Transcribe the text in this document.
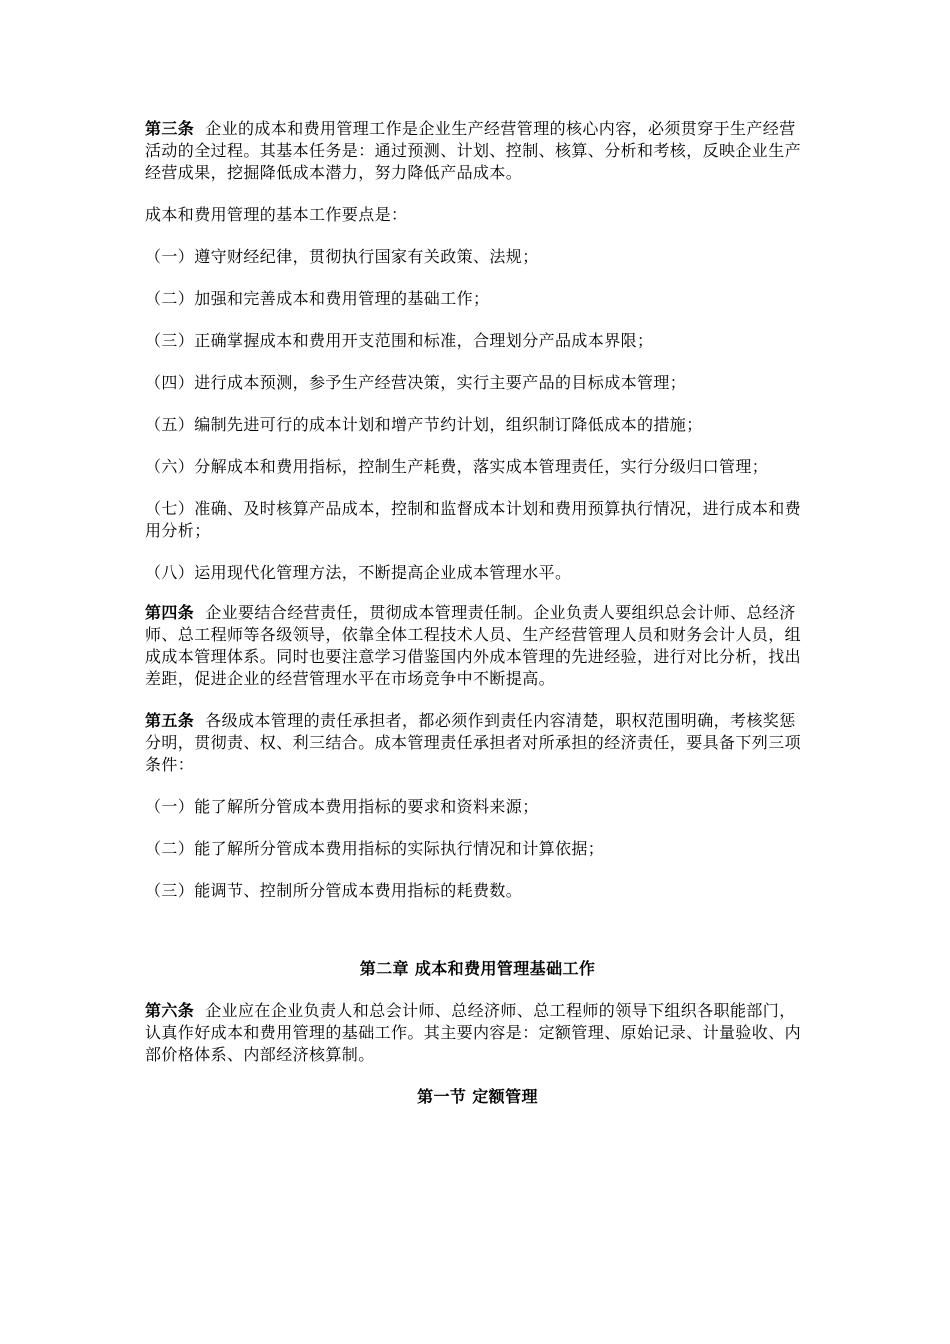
第三条 企业的成本和费用管理工作是企业生产经营管理的核心内容，必须贯穿于生产经营活动的全过程。其基本任务是：通过预测、计划、控制、核算、分析和考核，反映企业生产经营成果，挖掘降低成本潜力，努力降低产品成本。

成本和费用管理的基本工作要点是：

（一）遵守财经纪律，贯彻执行国家有关政策、法规；

（二）加强和完善成本和费用管理的基础工作；

（三）正确掌握成本和费用开支范围和标准，合理划分产品成本界限；

（四）进行成本预测，参予生产经营决策，实行主要产品的目标成本管理；

（五）编制先进可行的成本计划和增产节约计划，组织制订降低成本的措施；

（六）分解成本和费用指标，控制生产耗费，落实成本管理责任，实行分级归口管理；

（七）准确、及时核算产品成本，控制和监督成本计划和费用预算执行情况，进行成本和费用分析；

（八）运用现代化管理方法，不断提高企业成本管理水平。

第四条 企业要结合经营责任，贯彻成本管理责任制。企业负责人要组织总会计师、总经济师、总工程师等各级领导，依靠全体工程技术人员、生产经营管理人员和财务会计人员，组成成本管理体系。同时也要注意学习借鉴国内外成本管理的先进经验，进行对比分析，找出差距，促进企业的经营管理水平在市场竞争中不断提高。

第五条 各级成本管理的责任承担者，都必须作到责任内容清楚，职权范围明确，考核奖惩分明，贯彻责、权、利三结合。成本管理责任承担者对所承担的经济责任，要具备下列三项条件：

（一）能了解所分管成本费用指标的要求和资料来源；

（二）能了解所分管成本费用指标的实际执行情况和计算依据；

（三）能调节、控制所分管成本费用指标的耗费数。

第二章 成本和费用管理基础工作

第六条 企业应在企业负责人和总会计师、总经济师、总工程师的领导下组织各职能部门，认真作好成本和费用管理的基础工作。其主要内容是：定额管理、原始记录、计量验收、内部价格体系、内部经济核算制。

第一节 定额管理
